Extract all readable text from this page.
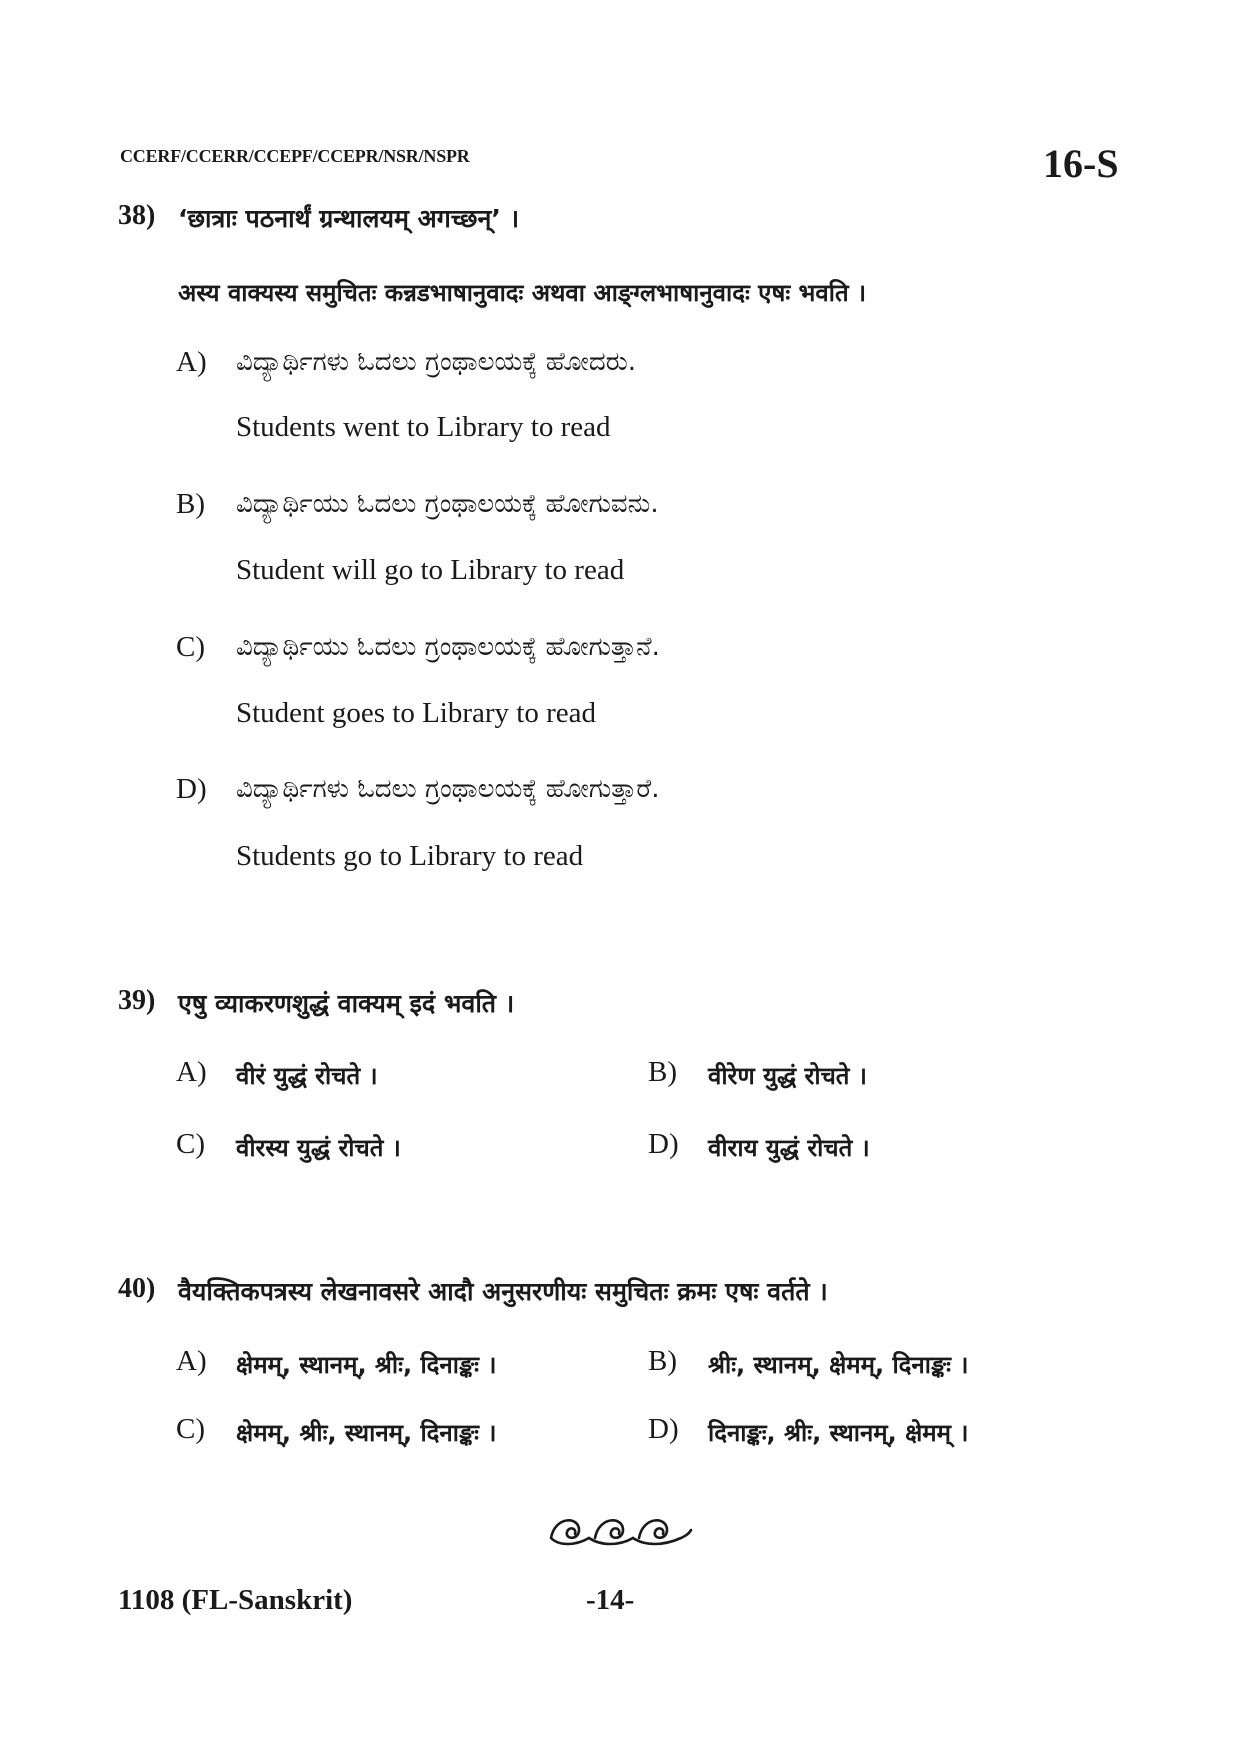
CCERF/CCERR/CCEPF/CCEPR/NSR/NSPR	16-S
38) ‘छात्राः पठनार्थं ग्रन्थालयम् अगच्छन्’ ।
अस्य वाक्यस्य समुचितः कन्नडभाषानुवादः अथवा आङ्ग्लभाषानुवादः एषः भवति ।
A) ವಿದ್ಯಾರ್ಥಿಗಳು ಓದಲು ಗ್ರಂಥಾಲಯಕ್ಕೆ ಹೋದರು.
Students went to Library to read
B) ವಿದ್ಯಾರ್ಥಿಯು ಓದಲು ಗ್ರಂಥಾಲಯಕ್ಕೆ ಹೋಗುವನು.
Student will go to Library to read
C) ವಿದ್ಯಾರ್ಥಿಯು ಓದಲು ಗ್ರಂಥಾಲಯಕ್ಕೆ ಹೋಗುತ್ತಾನೆ.
Student goes to Library to read
D) ವಿದ್ಯಾರ್ಥಿಗಳು ಓದಲು ಗ್ರಂಥಾಲಯಕ್ಕೆ ಹೋಗುತ್ತಾರೆ.
Students go to Library to read
39) एषु व्याकरणशुद्धं वाक्यम् इदं भवति ।
A) वीरं युद्धं रोचते ।	B) वीरेण युद्धं रोचते ।
C) वीरस्य युद्धं रोचते ।	D) वीराय युद्धं रोचते ।
40) वैयक्तिकपत्रस्य लेखनावसरे आदौ अनुसरणीयः समुचितः क्रमः एषः वर्तते ।
A) क्षेमम्, स्थानम्, श्रीः, दिनाङ्कः ।	B) श्रीः, स्थानम्, क्षेमम्, दिनाङ्कः ।
C) क्षेमम्, श्रीः, स्थानम्, दिनाङ्कः ।	D) दिनाङ्कः, श्रीः, स्थानम्, क्षेमम् ।
1108 (FL-Sanskrit)	-14-
